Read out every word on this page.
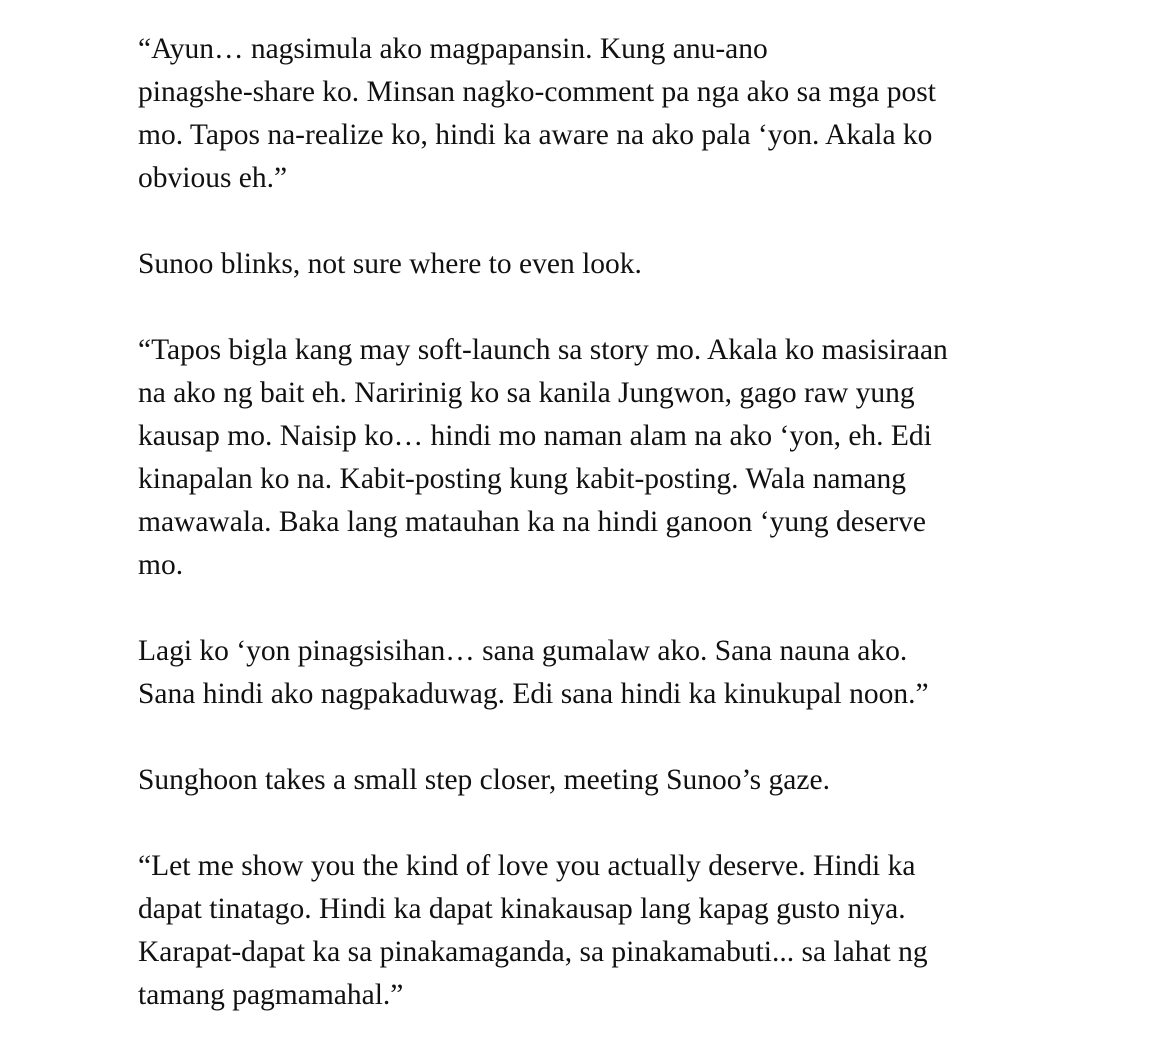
“Ayun… nagsimula ako magpapansin. Kung anu-ano
pinagshe-share ko. Minsan nagko-comment pa nga ako sa mga post
mo. Tapos na-realize ko, hindi ka aware na ako pala ‘yon. Akala ko
obvious eh.”

Sunoo blinks, not sure where to even look.

“Tapos bigla kang may soft-launch sa story mo. Akala ko masisiraan
na ako ng bait eh. Naririnig ko sa kanila Jungwon, gago raw yung
kausap mo. Naisip ko… hindi mo naman alam na ako ‘yon, eh. Edi
kinapalan ko na. Kabit-posting kung kabit-posting. Wala namang
mawawala. Baka lang matauhan ka na hindi ganoon ‘yung deserve
mo.

Lagi ko ‘yon pinagsisihan… sana gumalaw ako. Sana nauna ako.
Sana hindi ako nagpakaduwag. Edi sana hindi ka kinukupal noon.”

Sunghoon takes a small step closer, meeting Sunoo’s gaze.

“Let me show you the kind of love you actually deserve. Hindi ka
dapat tinatago. Hindi ka dapat kinakausap lang kapag gusto niya.
Karapat-dapat ka sa pinakamaganda, sa pinakamabuti... sa lahat ng
tamang pagmamahal.”
